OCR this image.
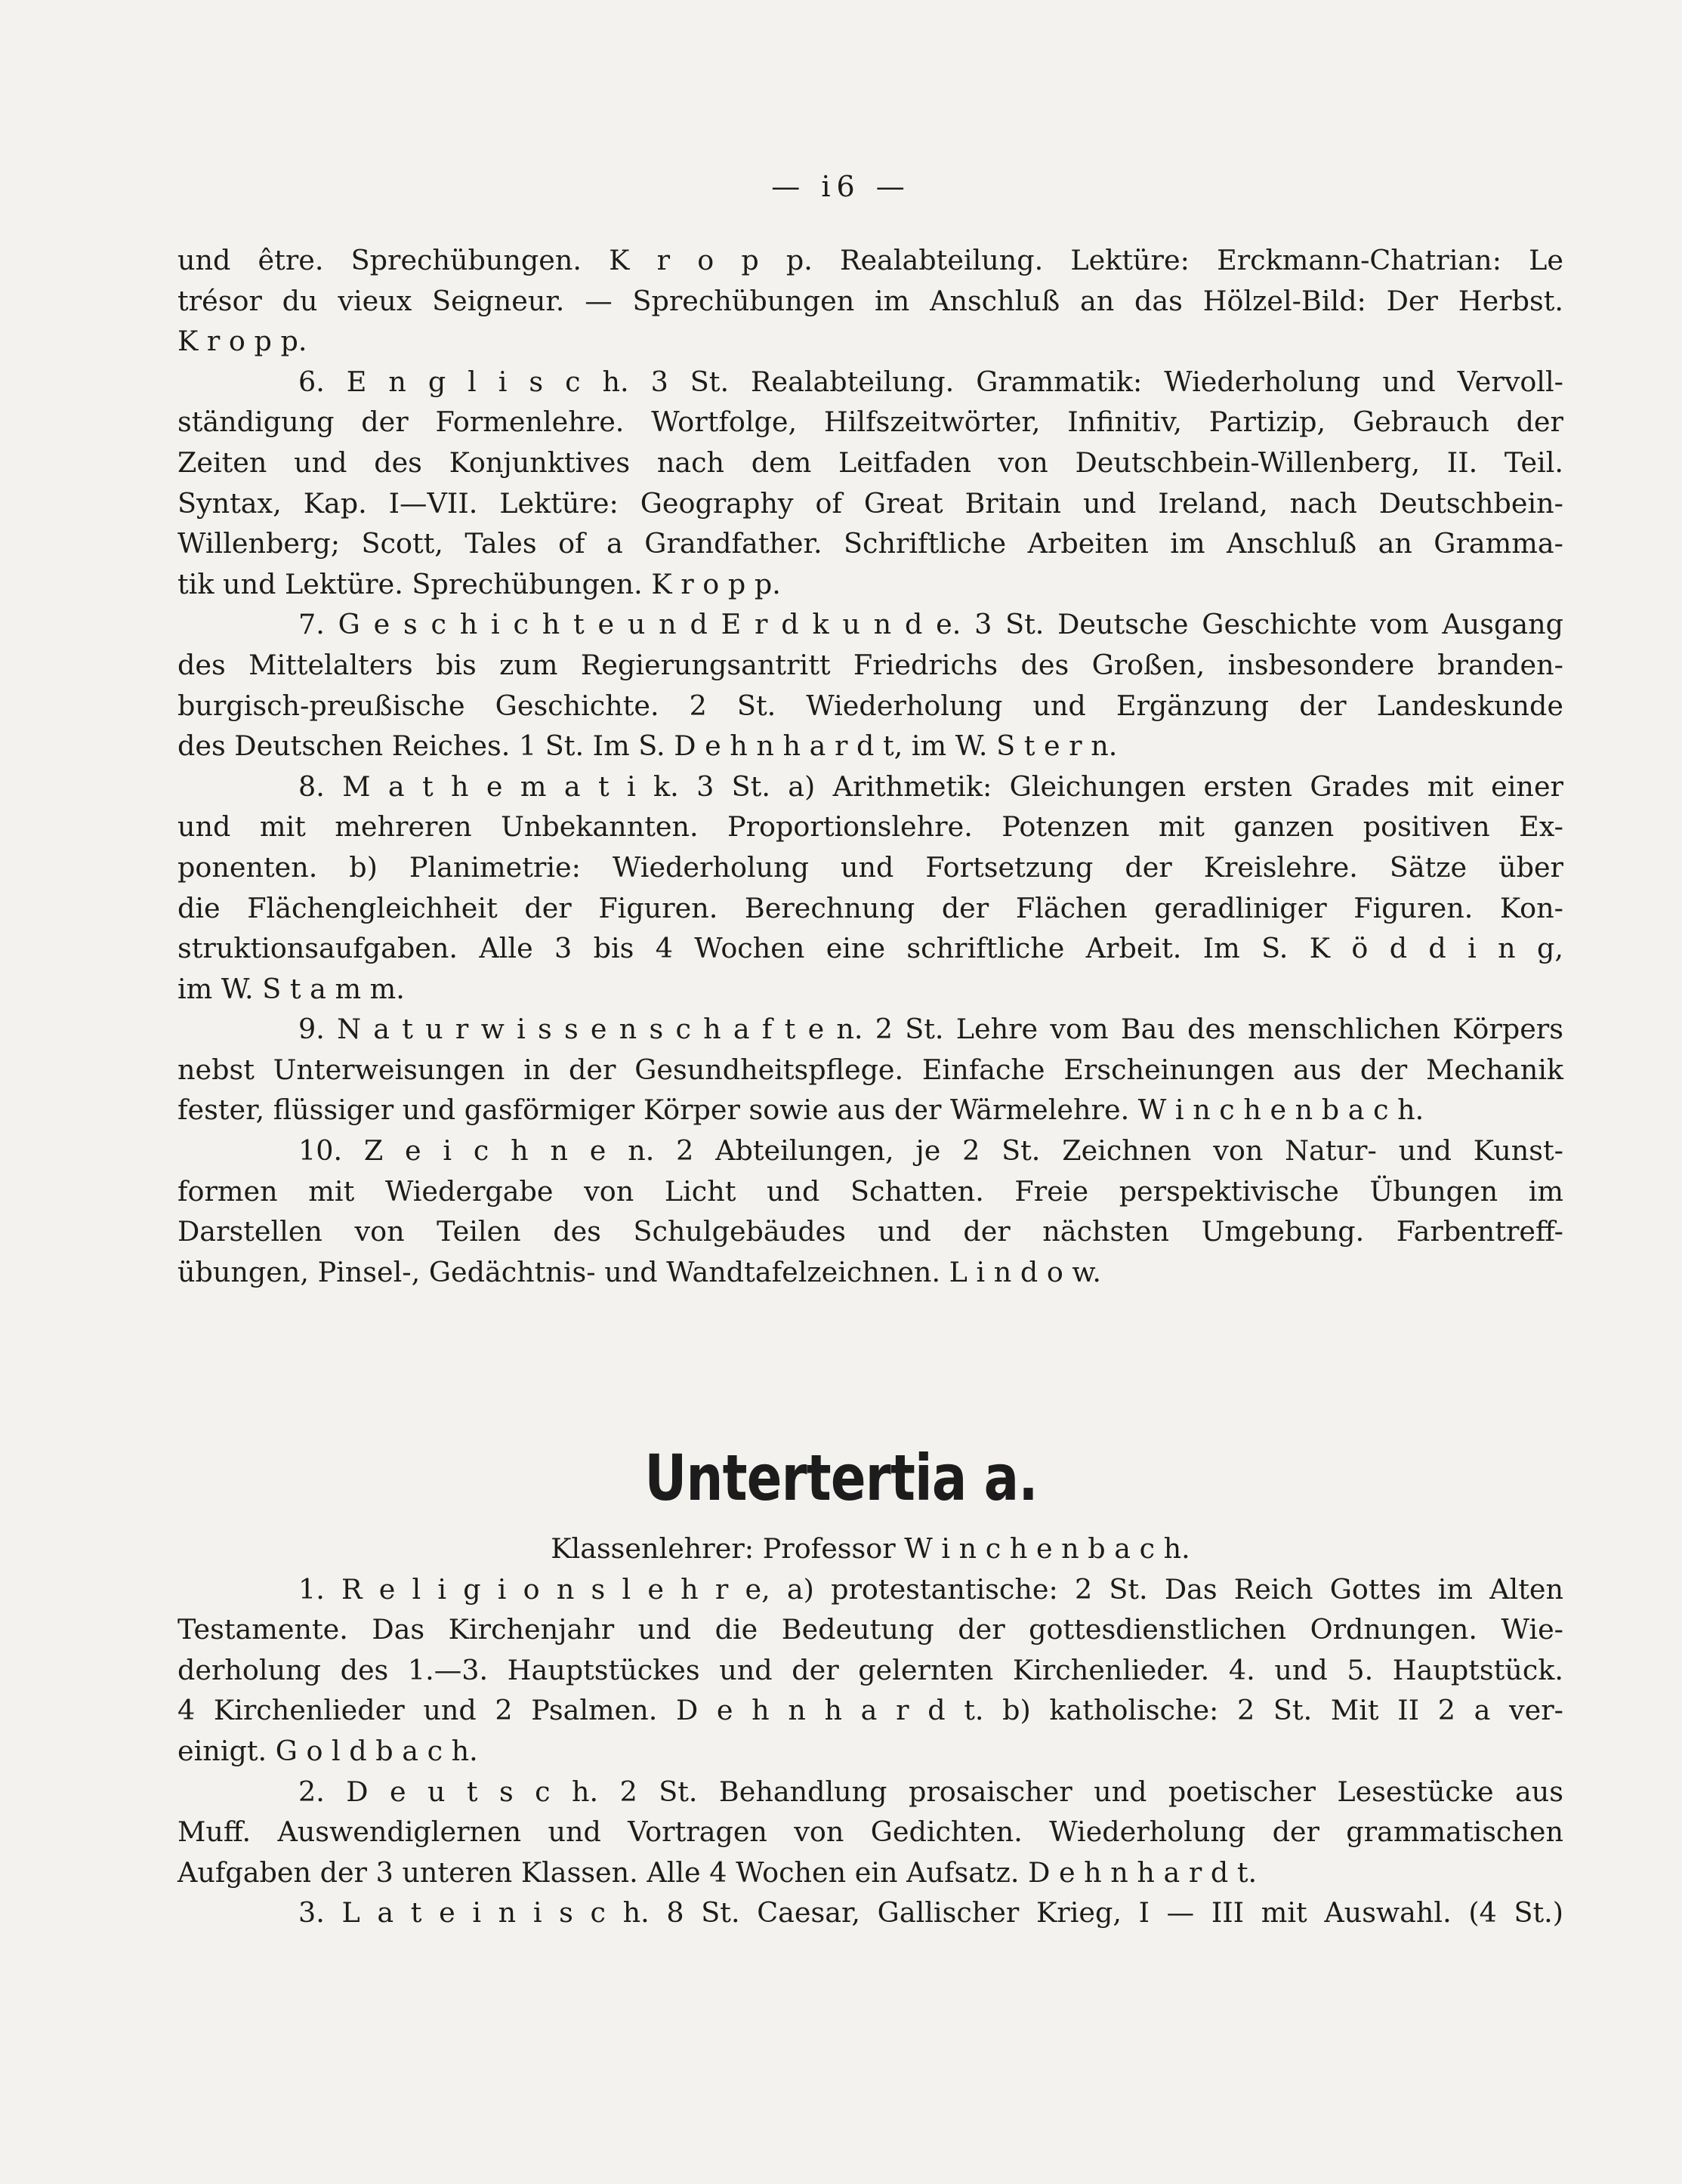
— i6 —
und être. Sprechübungen. K r o p p. Realabteilung. Lektüre: Erckmann-Chatrian: Le
trésor du vieux Seigneur. — Sprechübungen im Anschluß an das Hölzel-Bild: Der Herbst.
K r o p p.
6. E n g l i s c h. 3 St. Realabteilung. Grammatik: Wiederholung und Vervoll-
ständigung der Formenlehre. Wortfolge, Hilfszeitwörter, Infinitiv, Partizip, Gebrauch der
Zeiten und des Konjunktives nach dem Leitfaden von Deutschbein-Willenberg, II. Teil.
Syntax, Kap. I—VII. Lektüre: Geography of Great Britain und Ireland, nach Deutschbein-
Willenberg; Scott, Tales of a Grandfather. Schriftliche Arbeiten im Anschluß an Gramma-
tik und Lektüre. Sprechübungen. K r o p p.
7. G e s c h i c h t e u n d E r d k u n d e. 3 St. Deutsche Geschichte vom Ausgang
des Mittelalters bis zum Regierungsantritt Friedrichs des Großen, insbesondere branden-
burgisch-preußische Geschichte. 2 St. Wiederholung und Ergänzung der Landeskunde
des Deutschen Reiches. 1 St. Im S. D e h n h a r d t, im W. S t e r n.
8. M a t h e m a t i k. 3 St. a) Arithmetik: Gleichungen ersten Grades mit einer
und mit mehreren Unbekannten. Proportionslehre. Potenzen mit ganzen positiven Ex-
ponenten. b) Planimetrie: Wiederholung und Fortsetzung der Kreislehre. Sätze über
die Flächengleichheit der Figuren. Berechnung der Flächen geradliniger Figuren. Kon-
struktionsaufgaben. Alle 3 bis 4 Wochen eine schriftliche Arbeit. Im S. K ö d d i n g,
im W. S t a m m.
9. N a t u r w i s s e n s c h a f t e n. 2 St. Lehre vom Bau des menschlichen Körpers
nebst Unterweisungen in der Gesundheitspflege. Einfache Erscheinungen aus der Mechanik
fester, flüssiger und gasförmiger Körper sowie aus der Wärmelehre. W i n c h e n b a c h.
10. Z e i c h n e n. 2 Abteilungen, je 2 St. Zeichnen von Natur- und Kunst-
formen mit Wiedergabe von Licht und Schatten. Freie perspektivische Übungen im
Darstellen von Teilen des Schulgebäudes und der nächsten Umgebung. Farbentreff-
übungen, Pinsel-, Gedächtnis- und Wandtafelzeichnen. L i n d o w.
Untertertia a.
Klassenlehrer: Professor W i n c h e n b a c h.
1. R e l i g i o n s l e h r e, a) protestantische: 2 St. Das Reich Gottes im Alten
Testamente. Das Kirchenjahr und die Bedeutung der gottesdienstlichen Ordnungen. Wie-
derholung des 1.—3. Hauptstückes und der gelernten Kirchenlieder. 4. und 5. Hauptstück.
4 Kirchenlieder und 2 Psalmen. D e h n h a r d t. b) katholische: 2 St. Mit II 2 a ver-
einigt. G o l d b a c h.
2. D e u t s c h. 2 St. Behandlung prosaischer und poetischer Lesestücke aus
Muff. Auswendiglernen und Vortragen von Gedichten. Wiederholung der grammatischen
Aufgaben der 3 unteren Klassen. Alle 4 Wochen ein Aufsatz. D e h n h a r d t.
3. L a t e i n i s c h. 8 St. Caesar, Gallischer Krieg, I — III mit Auswahl. (4 St.)
